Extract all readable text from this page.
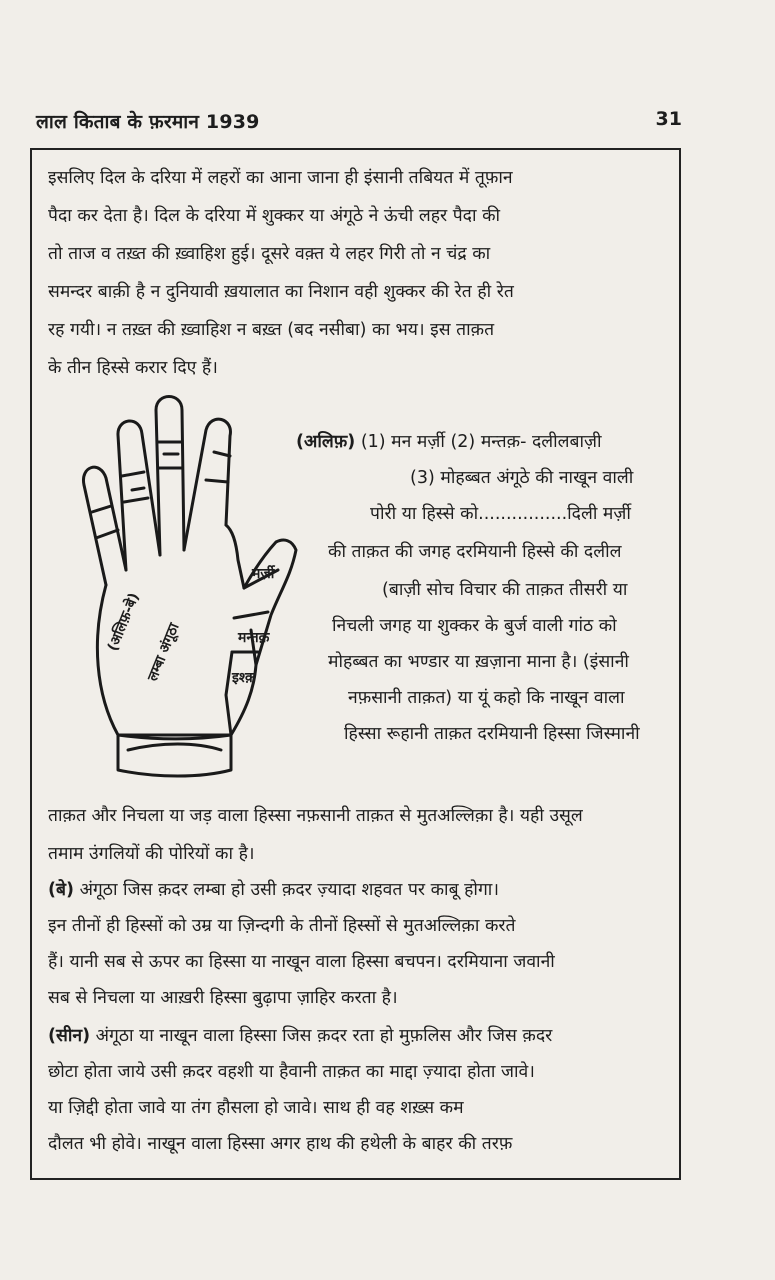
लाल किताब के फ़रमान 1939	31
इसलिए दिल के दरिया में लहरों का आना जाना ही इंसानी तबियत में तूफ़ान
पैदा कर देता है। दिल के दरिया में शुक्कर या अंगूठे ने ऊंची लहर पैदा की
तो ताज व तख़्त की ख़्वाहिश हुई। दूसरे वक़्त ये लहर गिरी तो न चंद्र का
समन्दर बाक़ी है न दुनियावी ख़यालात का निशान वही शुक्कर की रेत ही रेत
रह गयी। न तख़्त की ख़्वाहिश न बख़्त (बद नसीबा) का भय। इस ताक़त
के तीन हिस्से करार दिए हैं।
मर्ज़ी
मन्तक़
इश्क़
(अलिफ़-बे) लम्बा अंगूठा
(अलिफ़) (1) मन मर्ज़ी (2) मन्तक़- दलीलबाज़ी
(3) मोहब्बत अंगूठे की नाखून वाली
पोरी या हिस्से को................दिली मर्ज़ी
की ताक़त की जगह दरमियानी हिस्से की दलील
(बाज़ी सोच विचार की ताक़त तीसरी या
निचली जगह या शुक्कर के बुर्ज वाली गांठ को
मोहब्बत का भण्डार या ख़ज़ाना माना है। (इंसानी
नफ़सानी ताक़त) या यूं कहो कि नाखून वाला
हिस्सा रूहानी ताक़त दरमियानी हिस्सा जिस्मानी
ताक़त और निचला या जड़ वाला हिस्सा नफ़सानी ताक़त से मुतअल्लिक़ा है। यही उसूल
तमाम उंगलियों की पोरियों का है।
(बे) अंगूठा जिस क़दर लम्बा हो उसी क़दर ज़्यादा शहवत पर काबू होगा।
इन तीनों ही हिस्सों को उम्र या ज़िन्दगी के तीनों हिस्सों से मुतअल्लिक़ा करते
हैं। यानी सब से ऊपर का हिस्सा या नाखून वाला हिस्सा बचपन। दरमियाना जवानी
सब से निचला या आख़री हिस्सा बुढ़ापा ज़ाहिर करता है।
(सीन) अंगूठा या नाखून वाला हिस्सा जिस क़दर रता हो मुफ़लिस और जिस क़दर
छोटा होता जाये उसी क़दर वहशी या हैवानी ताक़त का माद्दा ज़्यादा होता जावे।
या ज़िद्दी होता जावे या तंग हौसला हो जावे। साथ ही वह शख़्स कम
दौलत भी होवे। नाखून वाला हिस्सा अगर हाथ की हथेली के बाहर की तरफ़
